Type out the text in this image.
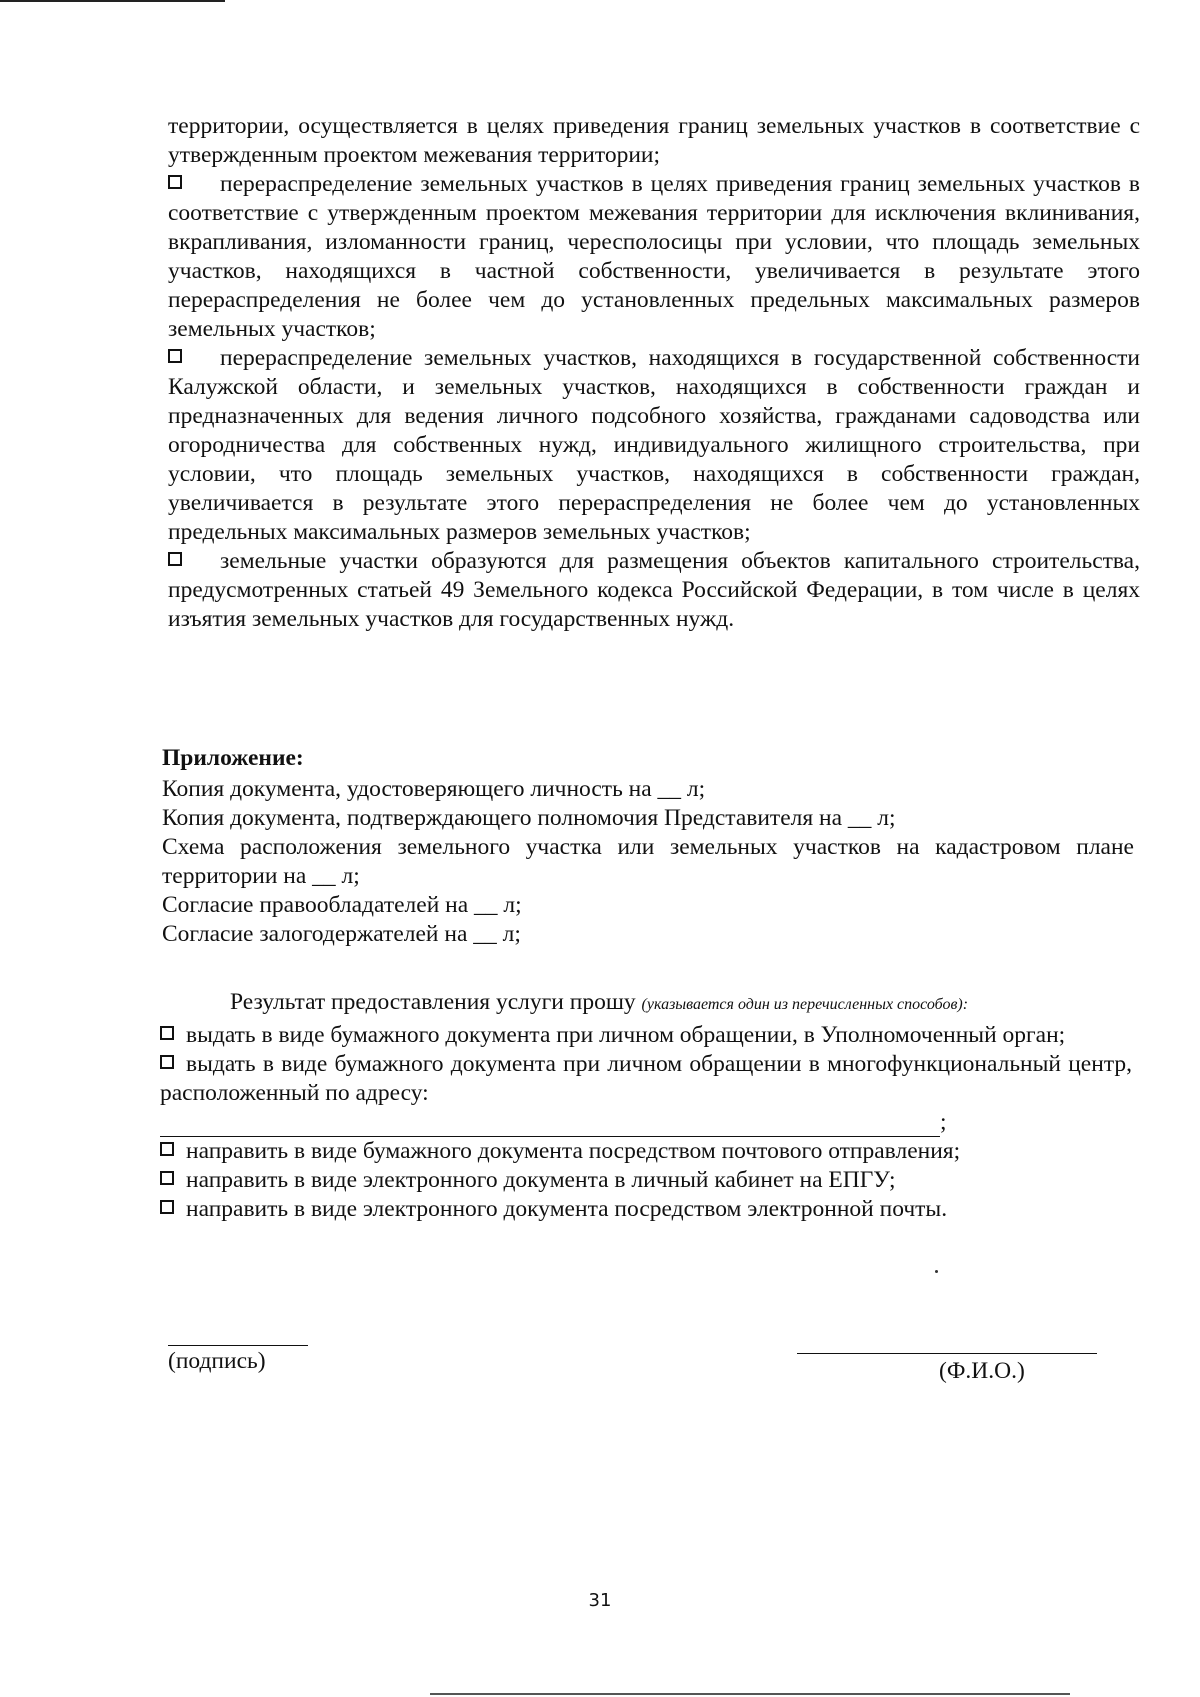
территории, осуществляется в целях приведения границ земельных участков в соответствие с утвержденным проектом межевания территории;

перераспределение земельных участков в целях приведения границ земельных участков в соответствие с утвержденным проектом межевания территории для исключения вклинивания, вкрапливания, изломанности границ, чересполосицы при условии, что площадь земельных участков, находящихся в частной собственности, увеличивается в результате этого перераспределения не более чем до установленных предельных максимальных размеров земельных участков;

перераспределение земельных участков, находящихся в государственной собственности Калужской области, и земельных участков, находящихся в собственности граждан и предназначенных для ведения личного подсобного хозяйства, гражданами садоводства или огородничества для собственных нужд, индивидуального жилищного строительства, при условии, что площадь земельных участков, находящихся в собственности граждан, увеличивается в результате этого перераспределения не более чем до установленных предельных максимальных размеров земельных участков;

земельные участки образуются для размещения объектов капитального строительства, предусмотренных статьей 49 Земельного кодекса Российской Федерации, в том числе в целях изъятия земельных участков для государственных нужд.

Приложение:

Копия документа, удостоверяющего личность на __ л;

Копия документа, подтверждающего полномочия Представителя на __ л;

Схема расположения земельного участка или земельных участков на кадастровом плане территории на __ л;

Согласие правообладателей на __ л;

Согласие залогодержателей на __ л;

Результат предоставления услуги прошу (указывается один из перечисленных способов):

выдать в виде бумажного документа при личном обращении, в Уполномоченный орган;

выдать в виде бумажного документа при личном обращении в многофункциональный центр, расположенный по адресу:

;

направить в виде бумажного документа посредством почтового отправления;

направить в виде электронного документа в личный кабинет на ЕПГУ;

направить в виде электронного документа посредством электронной почты.

(подпись)	(Ф.И.О.)
31
